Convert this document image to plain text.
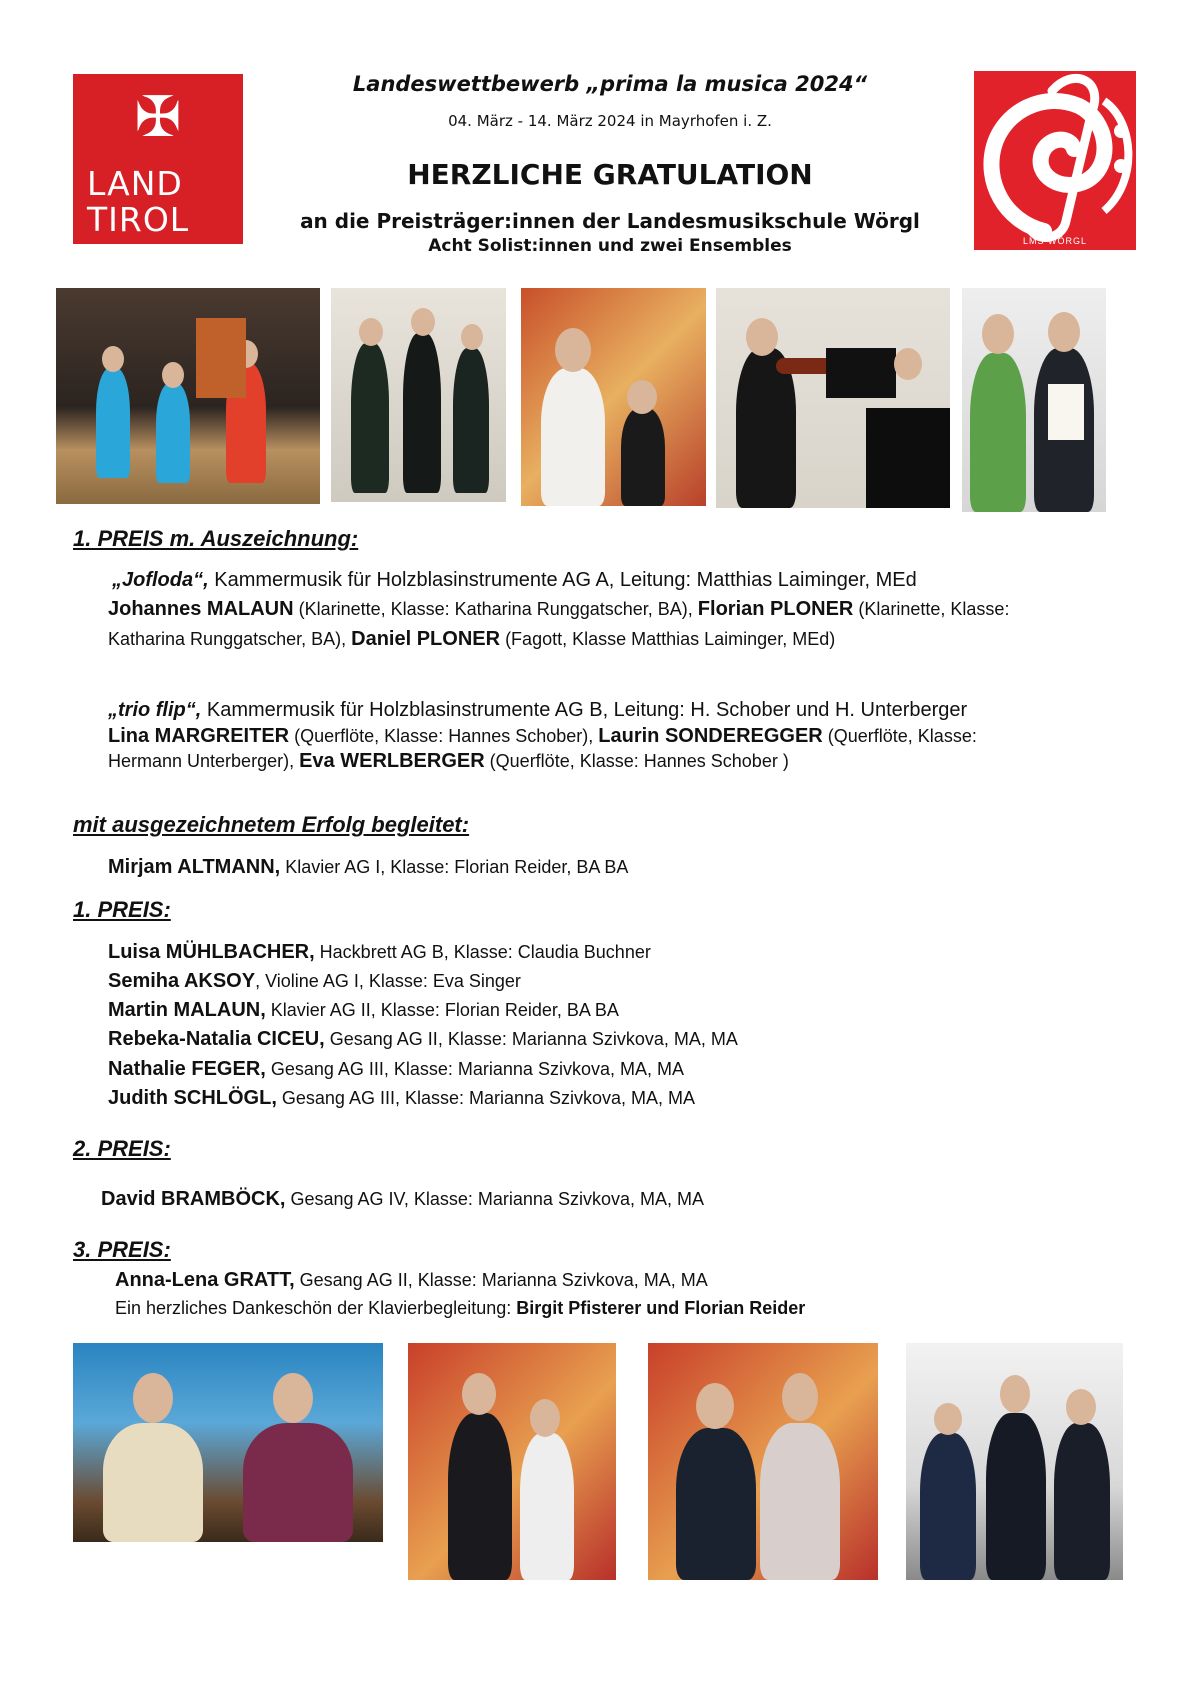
✠
LAND
TIROL
LMS WÖRGL
Landeswettbewerb „prima la musica 2024“
04. März - 14. März 2024 in Mayrhofen i. Z.
HERZLICHE GRATULATION
an die Preisträger:innen der Landesmusikschule Wörgl
Acht Solist:innen und zwei Ensembles
1. PREIS m. Auszeichnung:
„Jofloda“, Kammermusik für Holzblasinstrumente AG A, Leitung: Matthias Laiminger, MEd
Johannes MALAUN (Klarinette, Klasse: Katharina Runggatscher, BA), Florian PLONER (Klarinette, Klasse:
Katharina Runggatscher, BA), Daniel PLONER (Fagott, Klasse Matthias Laiminger, MEd)
„trio flip“, Kammermusik für Holzblasinstrumente AG B, Leitung: H. Schober und H. Unterberger
Lina MARGREITER (Querflöte, Klasse: Hannes Schober), Laurin SONDEREGGER (Querflöte, Klasse:
Hermann Unterberger), Eva WERLBERGER (Querflöte, Klasse: Hannes Schober )
mit ausgezeichnetem Erfolg begleitet:
Mirjam ALTMANN, Klavier AG I, Klasse: Florian Reider, BA BA
1. PREIS:
Luisa MÜHLBACHER, Hackbrett AG B, Klasse: Claudia Buchner
Semiha AKSOY, Violine AG I, Klasse: Eva Singer
Martin MALAUN, Klavier AG II, Klasse: Florian Reider, BA BA
Rebeka-Natalia CICEU, Gesang AG II, Klasse: Marianna Szivkova, MA, MA
Nathalie FEGER, Gesang AG III, Klasse: Marianna Szivkova, MA, MA
Judith SCHLÖGL, Gesang AG III, Klasse: Marianna Szivkova, MA, MA
2. PREIS:
David BRAMBÖCK, Gesang AG IV, Klasse: Marianna Szivkova, MA, MA
3. PREIS:
Anna-Lena GRATT, Gesang AG II, Klasse: Marianna Szivkova, MA, MA
Ein herzliches Dankeschön der Klavierbegleitung: Birgit Pfisterer und Florian Reider
